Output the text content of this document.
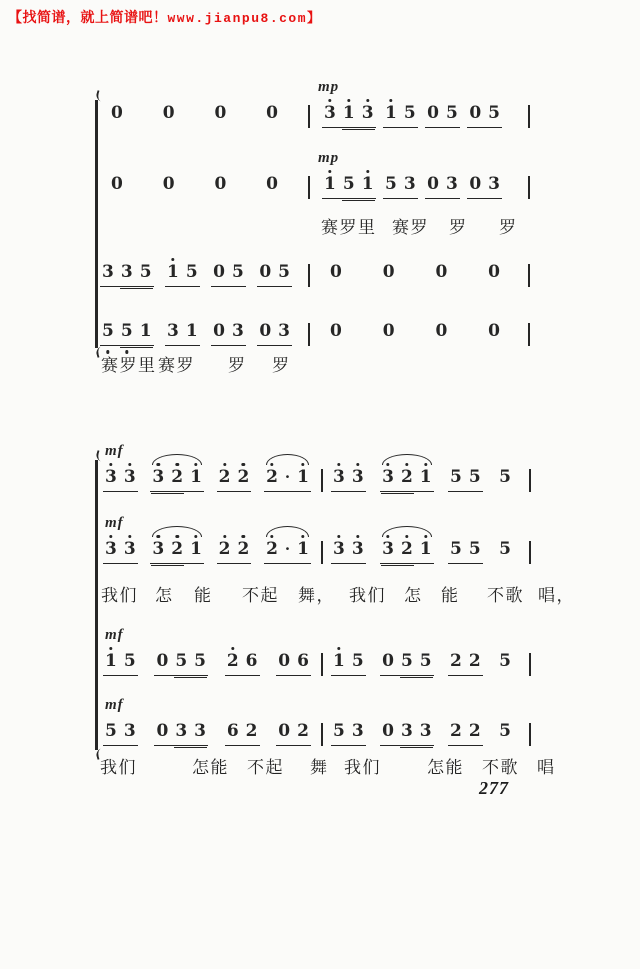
【找简谱，就上简谱吧！www.jianpu8.com】
0 0 0 0
mp
3 1 3 1 5 0 5 0 5
0 0 0 0
mp
1 5 1 5 3 0 3 0 3
3 3 5 1 5 0 5 0 5 0 0 0 0
5 5 1 3 1 0 3 0 3 0 0 0 0
赛罗里 赛罗 罗 罗
赛罗里 赛罗 罗 罗
mf
3 3 3 2 1 2 2 2 · 1 3 3 3 2 1 5 5 5
mf
3 3 3 2 1 2 2 2 · 1 3 3 3 2 1 5 5 5
mf
1 5 0 5 5 2 6 0 6 1 5 0 5 5 2 2 5
mf
5 3 0 3 3 6 2 0 2 5 3 0 3 3 2 2 5
我们 怎 能 不起 舞， 我们 怎 能 不歌 唱，
我们	怎能 不起 舞 我们	怎能 不歌 唱
277
